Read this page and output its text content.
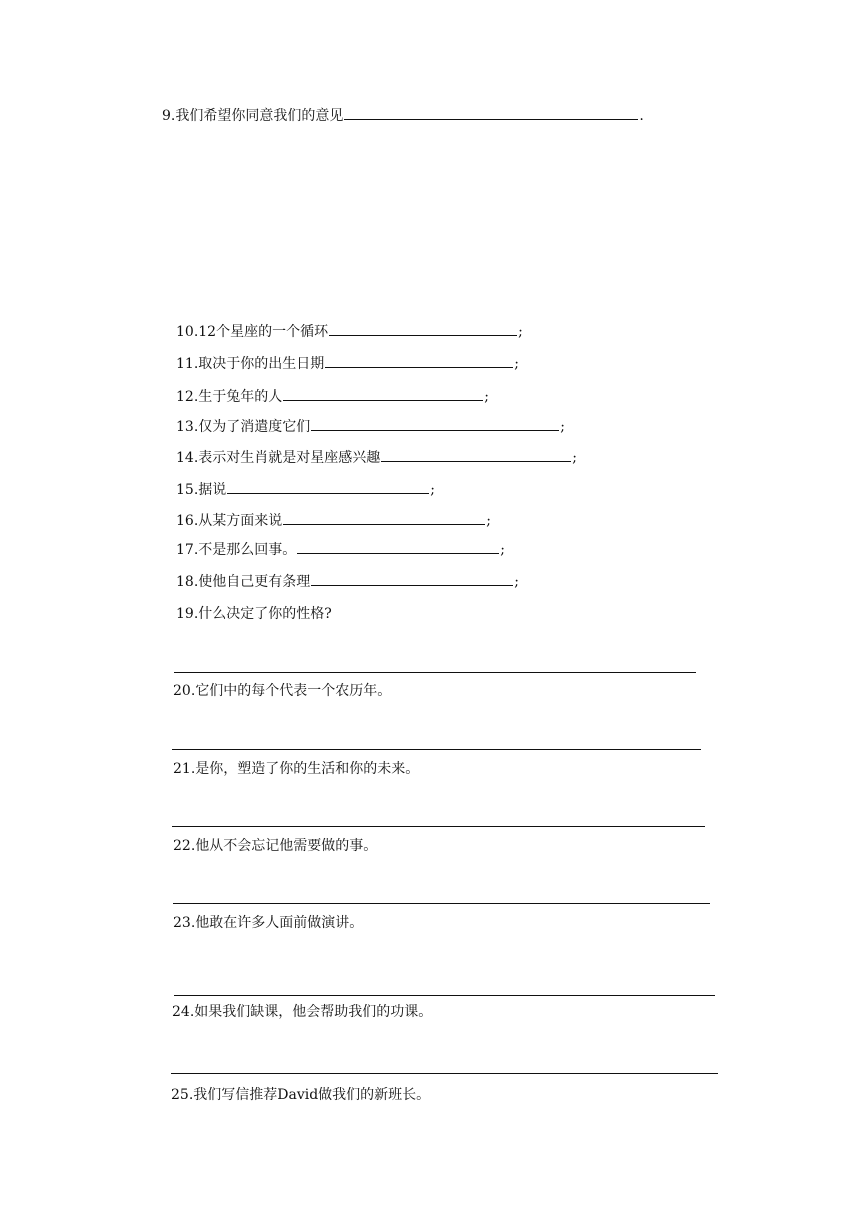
9.我们希望你同意我们的意见	.
10.12个星座的一个循环	;
11.取决于你的出生日期	;
12.生于兔年的人	;
13.仅为了消遣度它们	;
14.表示对生肖就是对星座感兴趣	;
15.据说	;
16.从某方面来说	;
17.不是那么回事。	;
18.使他自己更有条理	;
19.什么决定了你的性格?
20.它们中的每个代表一个农历年。
21.是你，塑造了你的生活和你的未来。
22.他从不会忘记他需要做的事。
23.他敢在许多人面前做演讲。
24.如果我们缺课，他会帮助我们的功课。
25.我们写信推荐David做我们的新班长。
